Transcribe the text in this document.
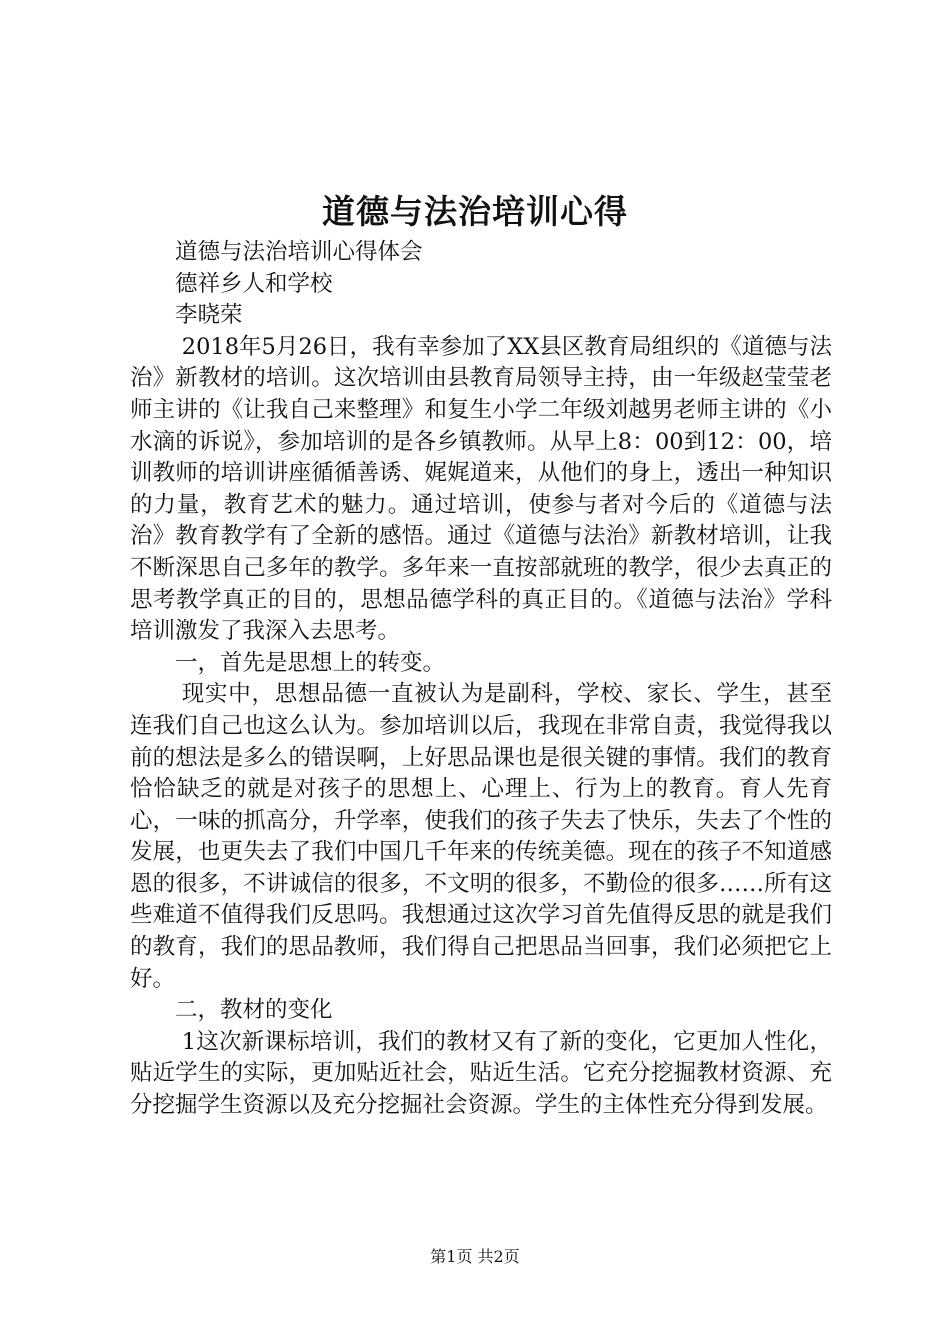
道德与法治培训心得

道德与法治培训心得体会

德祥乡人和学校

李晓荣

2018年5月26日，我有幸参加了XX县区教育局组织的《道德与法治》新教材的培训。这次培训由县教育局领导主持，由一年级赵莹莹老师主讲的《让我自己来整理》和复生小学二年级刘越男老师主讲的《小水滴的诉说》，参加培训的是各乡镇教师。从早上8：00到12：00，培训教师的培训讲座循循善诱、娓娓道来，从他们的身上，透出一种知识的力量，教育艺术的魅力。通过培训，使参与者对今后的《道德与法治》教育教学有了全新的感悟。通过《道德与法治》新教材培训，让我不断深思自己多年的教学。多年来一直按部就班的教学，很少去真正的思考教学真正的目的，思想品德学科的真正目的。《道德与法治》学科培训激发了我深入去思考。

一，首先是思想上的转变。

现实中，思想品德一直被认为是副科，学校、家长、学生，甚至连我们自己也这么认为。参加培训以后，我现在非常自责，我觉得我以前的想法是多么的错误啊，上好思品课也是很关键的事情。我们的教育恰恰缺乏的就是对孩子的思想上、心理上、行为上的教育。育人先育心，一味的抓高分，升学率，使我们的孩子失去了快乐，失去了个性的发展，也更失去了我们中国几千年来的传统美德。现在的孩子不知道感恩的很多，不讲诚信的很多，不文明的很多，不勤俭的很多……所有这些难道不值得我们反思吗。我想通过这次学习首先值得反思的就是我们的教育，我们的思品教师，我们得自己把思品当回事，我们必须把它上好。

二，教材的变化

1这次新课标培训，我们的教材又有了新的变化，它更加人性化，贴近学生的实际，更加贴近社会，贴近生活。它充分挖掘教材资源、充分挖掘学生资源以及充分挖掘社会资源。学生的主体性充分得到发展。

第1页 共2页
